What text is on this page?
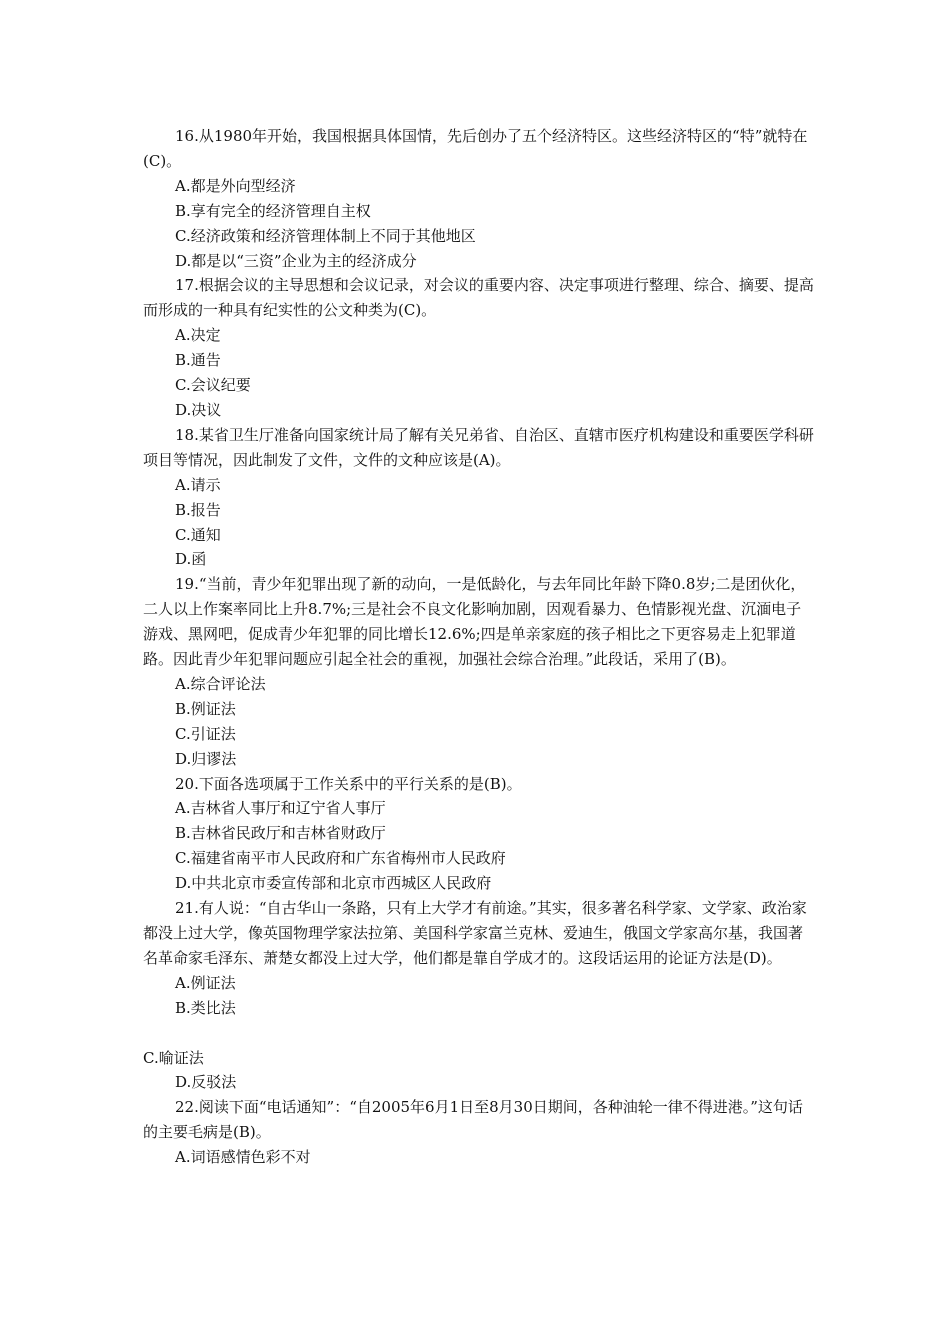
16.从1980年开始，我国根据具体国情，先后创办了五个经济特区。这些经济特区的“特”就特在(C)。

A.都是外向型经济

B.享有完全的经济管理自主权

C.经济政策和经济管理体制上不同于其他地区

D.都是以“三资”企业为主的经济成分

17.根据会议的主导思想和会议记录，对会议的重要内容、决定事项进行整理、综合、摘要、提高而形成的一种具有纪实性的公文种类为(C)。

A.决定

B.通告

C.会议纪要

D.决议

18.某省卫生厅准备向国家统计局了解有关兄弟省、自治区、直辖市医疗机构建设和重要医学科研项目等情况，因此制发了文件，文件的文种应该是(A)。

A.请示

B.报告

C.通知

D.函

19.“当前，青少年犯罪出现了新的动向，一是低龄化，与去年同比年龄下降0.8岁;二是团伙化，二人以上作案率同比上升8.7%;三是社会不良文化影响加剧，因观看暴力、色情影视光盘、沉湎电子游戏、黑网吧，促成青少年犯罪的同比增长12.6%;四是单亲家庭的孩子相比之下更容易走上犯罪道路。因此青少年犯罪问题应引起全社会的重视，加强社会综合治理。”此段话，采用了(B)。

A.综合评论法

B.例证法

C.引证法

D.归谬法

20.下面各选项属于工作关系中的平行关系的是(B)。

A.吉林省人事厅和辽宁省人事厅

B.吉林省民政厅和吉林省财政厅

C.福建省南平市人民政府和广东省梅州市人民政府

D.中共北京市委宣传部和北京市西城区人民政府

21.有人说：“自古华山一条路，只有上大学才有前途。”其实，很多著名科学家、文学家、政治家都没上过大学，像英国物理学家法拉第、美国科学家富兰克林、爱迪生，俄国文学家高尔基，我国著名革命家毛泽东、萧楚女都没上过大学，他们都是靠自学成才的。这段话运用的论证方法是(D)。

A.例证法

B.类比法

C.喻证法

D.反驳法

22.阅读下面“电话通知”：“自2005年6月1日至8月30日期间，各种油轮一律不得进港。”这句话的主要毛病是(B)。

A.词语感情色彩不对
